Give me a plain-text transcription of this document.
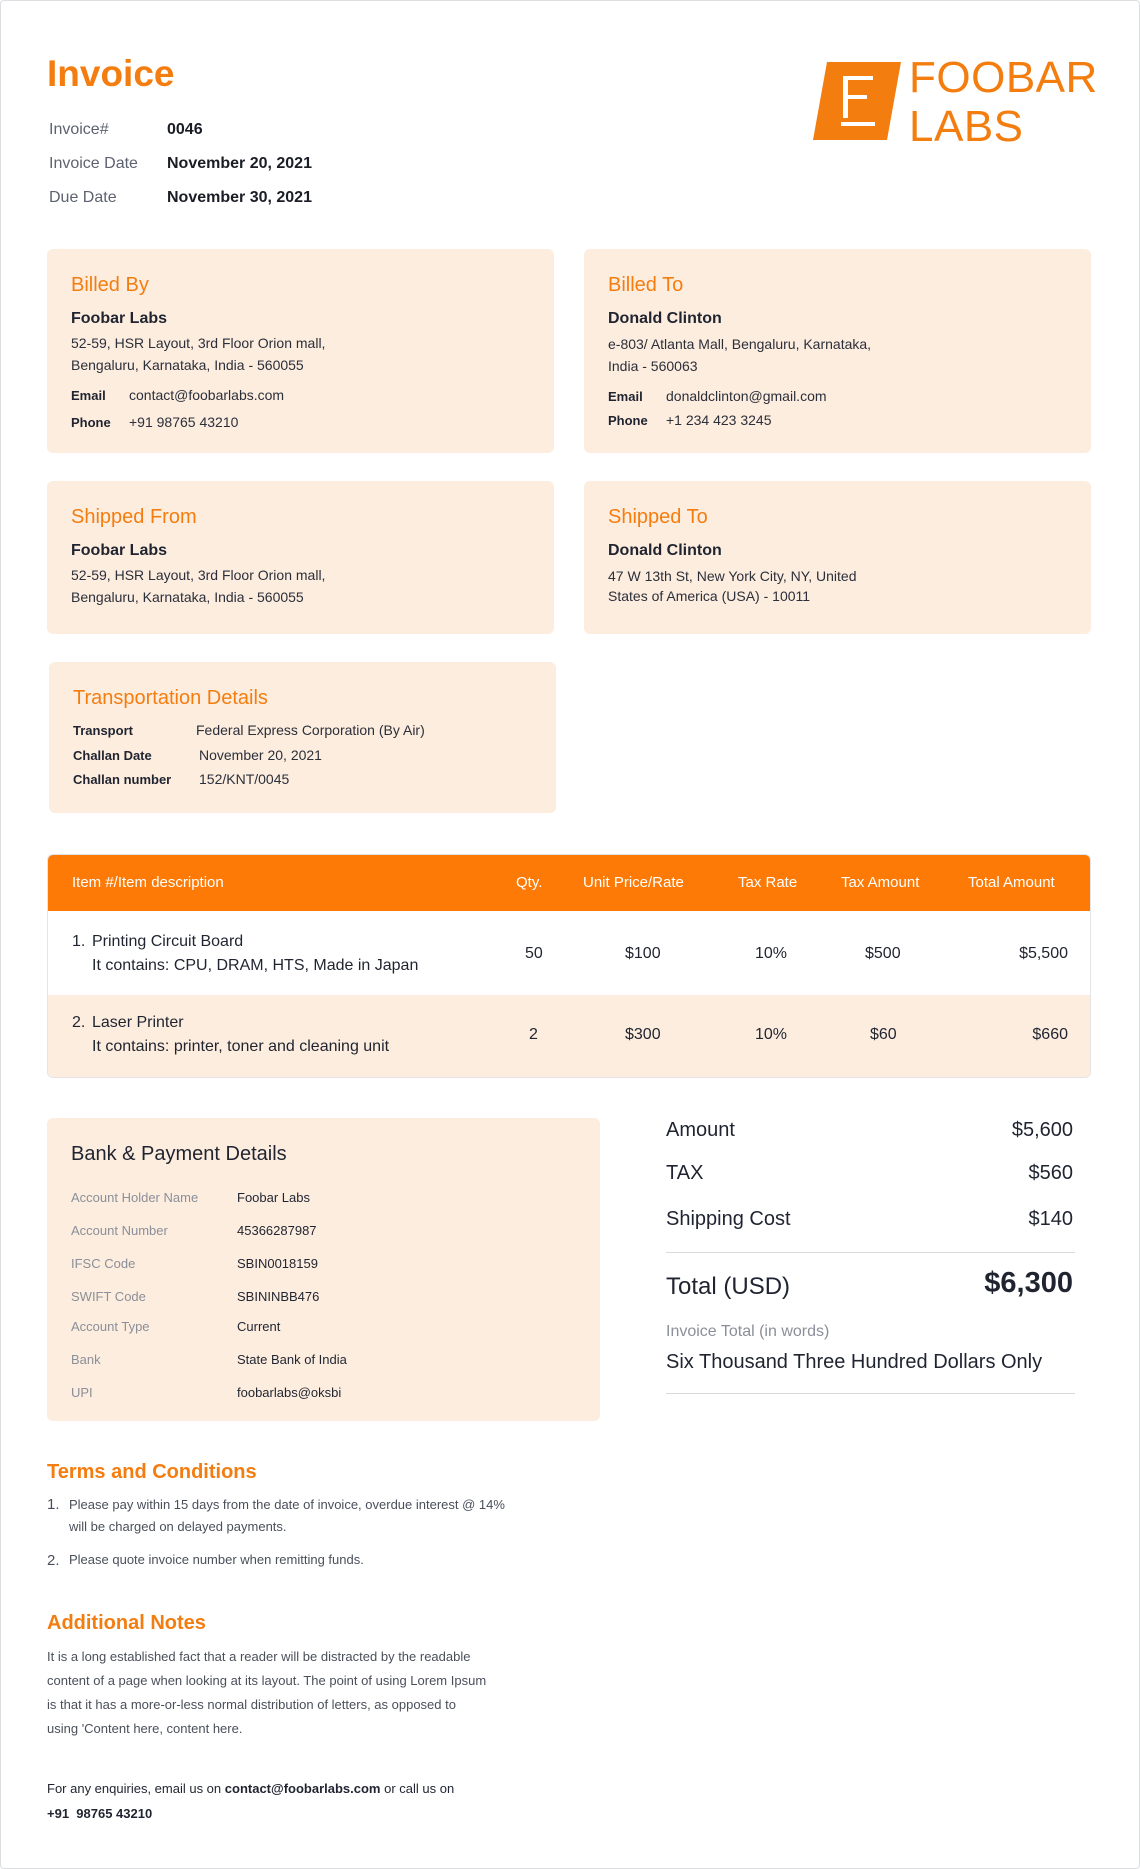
Invoice
Invoice#	0046
Invoice Date November 20, 2021
Due Date	November 30, 2021
FOOBAR
LABS
Billed By
Foobar Labs
52-59, HSR Layout, 3rd Floor Orion mall,
Bengaluru, Karnataka, India - 560055
Email contact@foobarlabs.com
Phone +91 98765 43210
Billed To
Donald Clinton
e-803/ Atlanta Mall, Bengaluru, Karnataka,
India - 560063
Email donaldclinton@gmail.com
Phone +1 234 423 3245
Shipped From
Foobar Labs
52-59, HSR Layout, 3rd Floor Orion mall,
Bengaluru, Karnataka, India - 560055
Shipped To
Donald Clinton
47 W 13th St, New York City, NY, United
States of America (USA) - 10011
Transportation Details
Transport	Federal Express Corporation (By Air)
Challan Date	November 20, 2021
Challan number 152/KNT/0045
Item #/Item description	Qty.	Unit Price/Rate	Tax Rate	Tax Amount	Total Amount
1. Printing Circuit Board
It contains: CPU, DRAM, HTS, Made in Japan
50	$100	10%	$500	$5,500
2. Laser Printer
It contains: printer, toner and cleaning unit
2	$300	10%	$60	$660
Bank & Payment Details
Account Holder Name	Foobar Labs
Account Number	45366287987
IFSC Code	SBIN0018159
SWIFT Code	SBININBB476
Account Type	Current
Bank	State Bank of India
UPI	foobarlabs@oksbi
Amount	$5,600
TAX	$560
Shipping Cost	$140
Total (USD)	$6,300
Invoice Total (in words)
Six Thousand Three Hundred Dollars Only
Terms and Conditions
1. Please pay within 15 days from the date of invoice, overdue interest @ 14%
will be charged on delayed payments.
2. Please quote invoice number when remitting funds.
Additional Notes
It is a long established fact that a reader will be distracted by the readable
content of a page when looking at its layout. The point of using Lorem Ipsum
is that it has a more-or-less normal distribution of letters, as opposed to
using 'Content here, content here.
For any enquiries, email us on contact@foobarlabs.com or call us on
+91  98765 43210
